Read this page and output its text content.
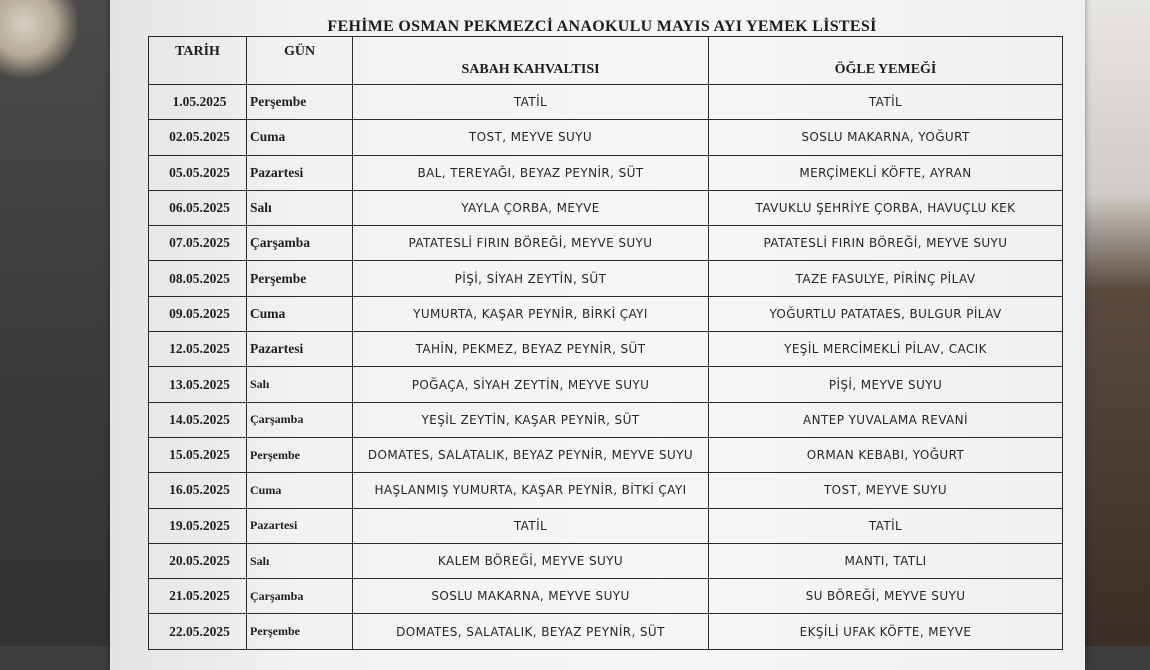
FEHİME OSMAN PEKMEZCİ ANAOKULU MAYIS AYI YEMEK LİSTESİ
TARİH	GÜN	SABAH KAHVALTISI	ÖĞLE YEMEĞİ
1.05.2025	Perşembe	TATİL	TATİL
02.05.2025	Cuma	TOST, MEYVE SUYU	SOSLU MAKARNA, YOĞURT
05.05.2025	Pazartesi	BAL, TEREYAĞI, BEYAZ PEYNİR, SÜT	MERÇİMEKLİ KÖFTE, AYRAN
06.05.2025	Salı	YAYLA ÇORBA, MEYVE	TAVUKLU ŞEHRİYE ÇORBA, HAVUÇLU KEK
07.05.2025	Çarşamba	PATATESLİ FIRIN BÖREĞİ, MEYVE SUYU	PATATESLİ FIRIN BÖREĞİ, MEYVE SUYU
08.05.2025	Perşembe	PİŞİ, SİYAH ZEYTİN, SÜT	TAZE FASULYE, PİRİNÇ PİLAV
09.05.2025	Cuma	YUMURTA, KAŞAR PEYNİR, BİRKİ ÇAYI	YOĞURTLU PATATAES, BULGUR PİLAV
12.05.2025	Pazartesi	TAHİN, PEKMEZ, BEYAZ PEYNİR, SÜT	YEŞİL MERCİMEKLİ PİLAV, CACIK
13.05.2025	Salı	POĞAÇA, SİYAH ZEYTİN, MEYVE SUYU	PİŞİ, MEYVE SUYU
14.05.2025	Çarşamba	YEŞİL ZEYTİN, KAŞAR PEYNİR, SÜT	ANTEP YUVALAMA REVANİ
15.05.2025	Perşembe	DOMATES, SALATALIK, BEYAZ PEYNİR, MEYVE SUYU	ORMAN KEBABI, YOĞURT
16.05.2025	Cuma	HAŞLANMIŞ YUMURTA, KAŞAR PEYNİR, BİTKİ ÇAYI	TOST, MEYVE SUYU
19.05.2025	Pazartesi	TATİL	TATİL
20.05.2025	Salı	KALEM BÖREĞİ, MEYVE SUYU	MANTI, TATLI
21.05.2025	Çarşamba	SOSLU MAKARNA, MEYVE SUYU	SU BÖREĞİ, MEYVE SUYU
22.05.2025	Perşembe	DOMATES, SALATALIK, BEYAZ PEYNİR, SÜT	EKŞİLİ UFAK KÖFTE, MEYVE
